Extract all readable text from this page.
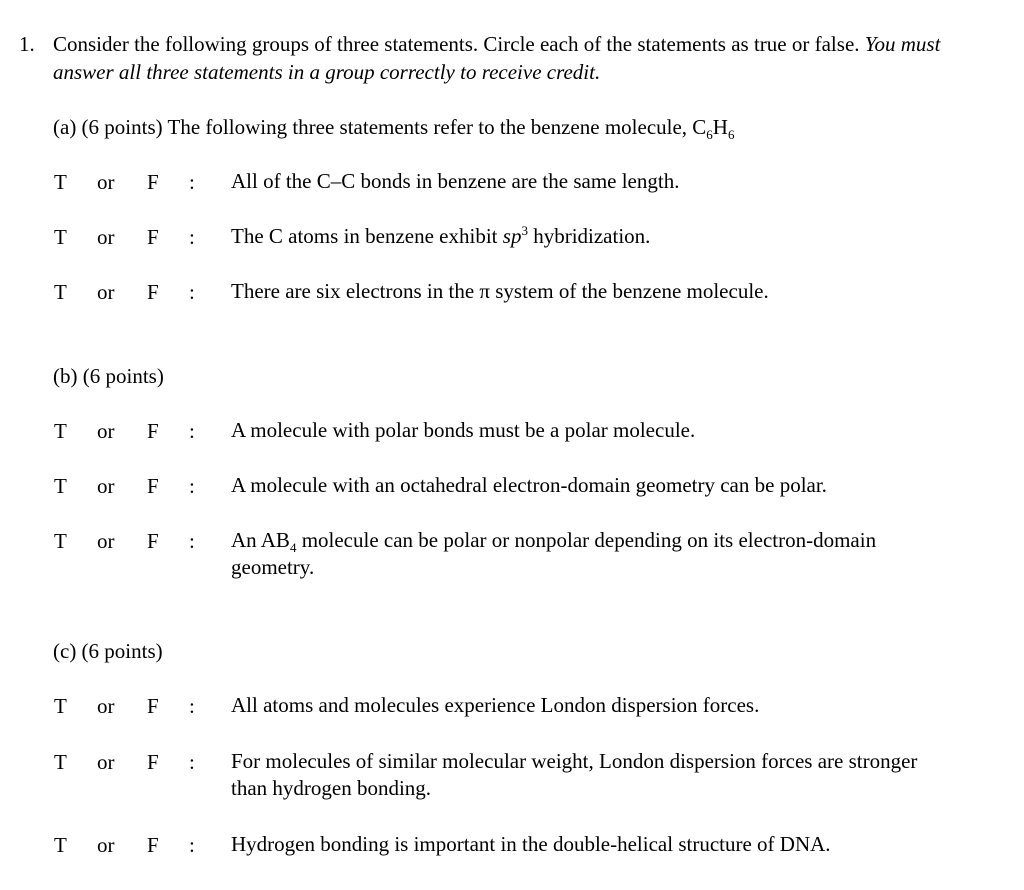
1. Consider the following groups of three statements. Circle each of the statements as true or false. You must answer all three statements in a group correctly to receive credit.
(a) (6 points) The following three statements refer to the benzene molecule, $C_6H_6$
T or F : All of the C–C bonds in benzene are the same length.
T or F : The C atoms in benzene exhibit $sp^3$ hybridization.
T or F : There are six electrons in the π system of the benzene molecule.
(b) (6 points)
T or F : A molecule with polar bonds must be a polar molecule.
T or F : A molecule with an octahedral electron-domain geometry can be polar.
T or F : An $AB_4$ molecule can be polar or nonpolar depending on its electron-domain geometry.
(c) (6 points)
T or F : All atoms and molecules experience London dispersion forces.
T or F : For molecules of similar molecular weight, London dispersion forces are stronger than hydrogen bonding.
T or F : Hydrogen bonding is important in the double-helical structure of DNA.
